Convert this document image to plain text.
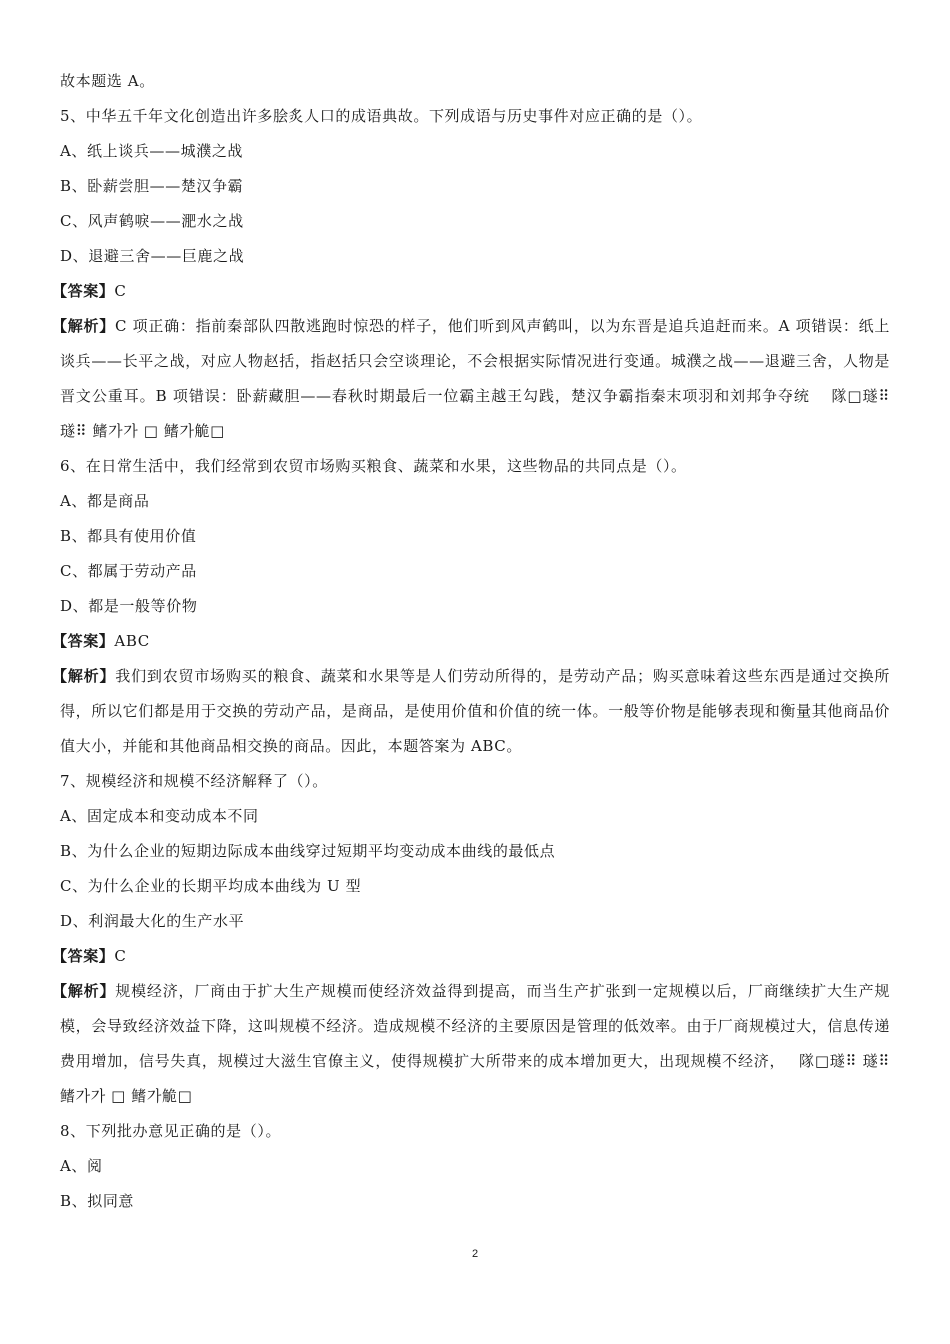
故本题选 A。
5、中华五千年文化创造出许多脍炙人口的成语典故。下列成语与历史事件对应正确的是（）。
A、纸上谈兵——城濮之战
B、卧薪尝胆——楚汉争霸
C、风声鹤唳——淝水之战
D、退避三舍——巨鹿之战
【答案】C
【解析】C 项正确：指前秦部队四散逃跑时惊恐的样子，他们听到风声鹤叫，以为东晋是追兵追赶而来。A 项错误：纸上谈兵——长平之战，对应人物赵括，指赵括只会空谈理论，不会根据实际情况进行变通。城濮之战——退避三舍，人物是晋文公重耳。B 项错误：卧薪藏胆——春秋时期最后一位霸主越王勾践，楚汉争霸指秦末项羽和刘邦争夺统　 隊□璲⠿ 璲⠿ 鳍가가 □ 鳍가觤□
6、在日常生活中，我们经常到农贸市场购买粮食、蔬菜和水果，这些物品的共同点是（）。
A、都是商品
B、都具有使用价值
C、都属于劳动产品
D、都是一般等价物
【答案】ABC
【解析】我们到农贸市场购买的粮食、蔬菜和水果等是人们劳动所得的，是劳动产品；购买意味着这些东西是通过交换所得，所以它们都是用于交换的劳动产品，是商品，是使用价值和价值的统一体。一般等价物是能够表现和衡量其他商品价值大小，并能和其他商品相交换的商品。因此，本题答案为 ABC。
7、规模经济和规模不经济解释了（）。
A、固定成本和变动成本不同
B、为什么企业的短期边际成本曲线穿过短期平均变动成本曲线的最低点
C、为什么企业的长期平均成本曲线为 U 型
D、利润最大化的生产水平
【答案】C
【解析】规模经济，厂商由于扩大生产规模而使经济效益得到提高，而当生产扩张到一定规模以后，厂商继续扩大生产规模，会导致经济效益下降，这叫规模不经济。造成规模不经济的主要原因是管理的低效率。由于厂商规模过大，信息传递费用增加，信号失真，规模过大滋生官僚主义，使得规模扩大所带来的成本增加更大，出现规模不经济，　 隊□璲⠿ 璲⠿ 鳍가가 □ 鳍가觤□
8、下列批办意见正确的是（）。
A、阅
B、拟同意
2
